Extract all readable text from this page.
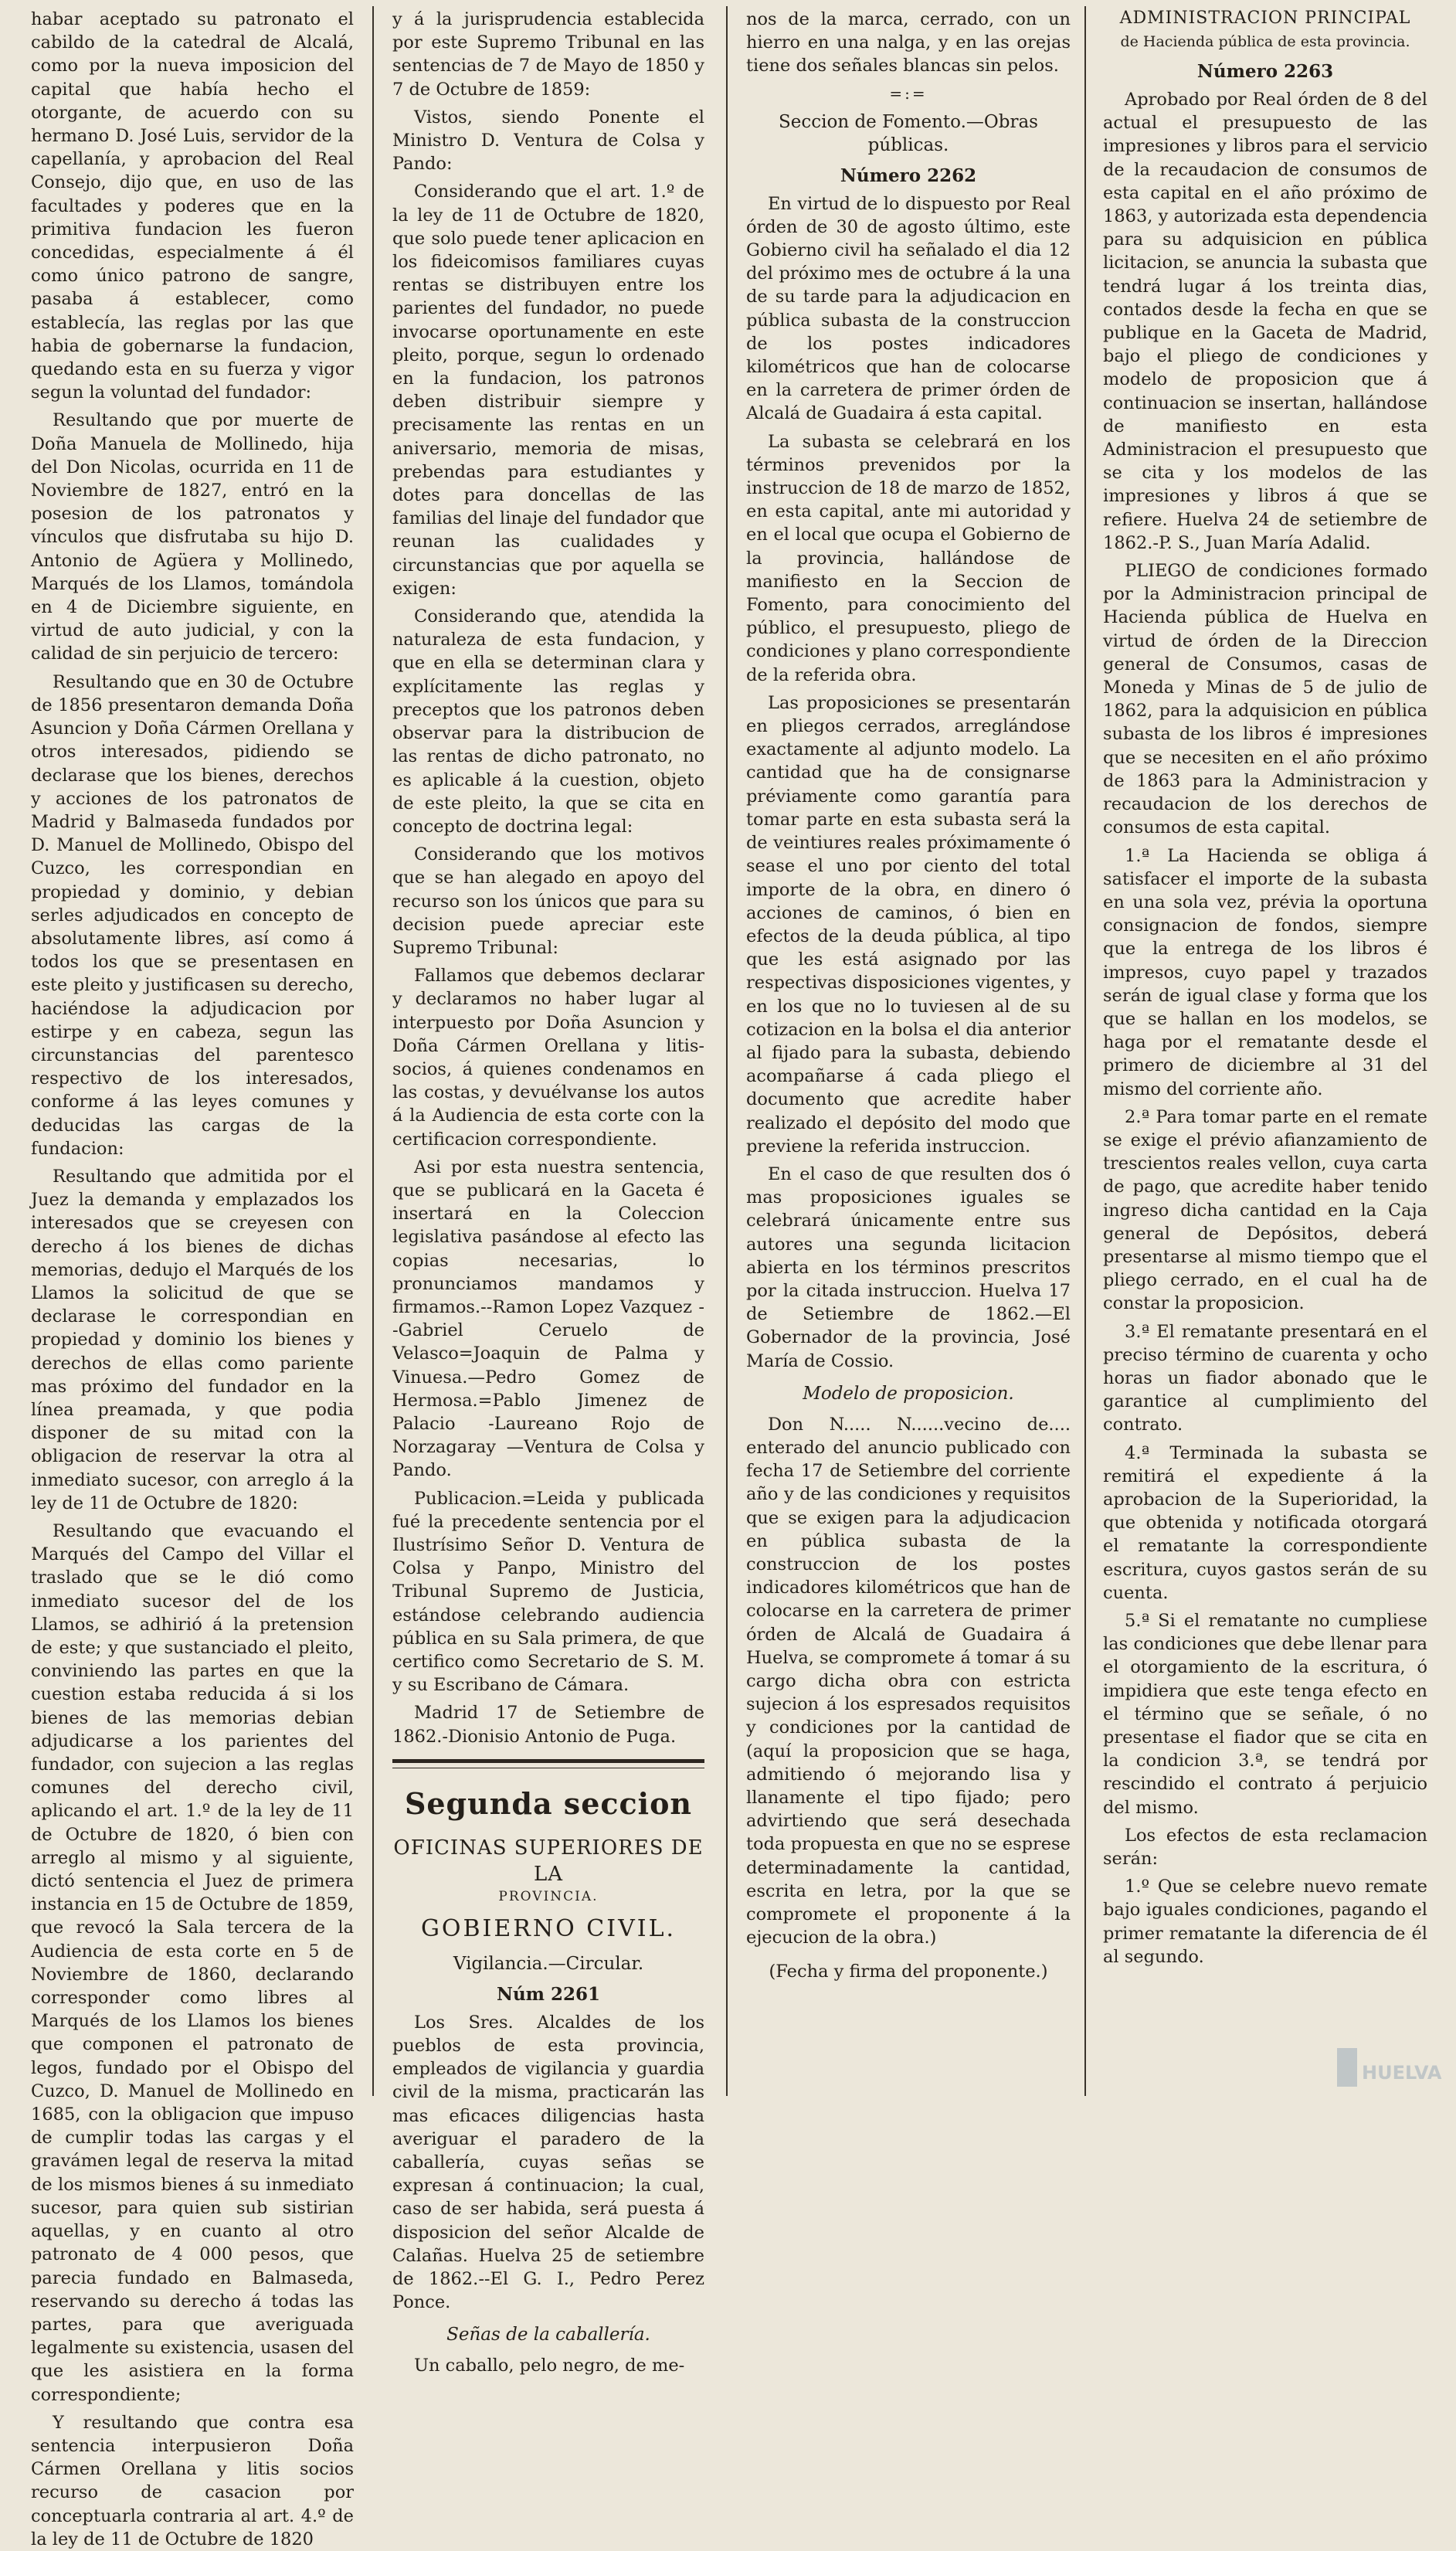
habar aceptado su patronato el cabildo de la catedral de Alcalá, como por la nueva imposicion del capital que había hecho el otorgante, de acuerdo con su hermano D. José Luis, servidor de la capellanía, y aprobacion del Real Consejo, dijo que, en uso de las facultades y poderes que en la primitiva fundacion les fueron concedidas, especialmente á él como único patrono de sangre, pasaba á establecer, como establecía, las reglas por las que habia de gobernarse la fundacion, quedando esta en su fuerza y vigor segun la voluntad del fundador:

Resultando que por muerte de Doña Manuela de Mollinedo, hija del Don Nicolas, ocurrida en 11 de Noviembre de 1827, entró en la posesion de los patronatos y vínculos que disfrutaba su hijo D. Antonio de Agüera y Mollinedo, Marqués de los Llamos, tomándola en 4 de Diciembre siguiente, en virtud de auto judicial, y con la calidad de sin perjuicio de tercero:

Resultando que en 30 de Octubre de 1856 presentaron demanda Doña Asuncion y Doña Cármen Orellana y otros interesados, pidiendo se declarase que los bienes, derechos y acciones de los patronatos de Madrid y Balmaseda fundados por D. Manuel de Mollinedo, Obispo del Cuzco, les correspondian en propiedad y dominio, y debian serles adjudicados en concepto de absolutamente libres, así como á todos los que se presentasen en este pleito y justificasen su derecho, haciéndose la adjudicacion por estirpe y en cabeza, segun las circunstancias del parentesco respectivo de los interesados, conforme á las leyes comunes y deducidas las cargas de la fundacion:

Resultando que admitida por el Juez la demanda y emplazados los interesados que se creyesen con derecho á los bienes de dichas memorias, dedujo el Marqués de los Llamos la solicitud de que se declarase le correspondian en propiedad y dominio los bienes y derechos de ellas como pariente mas próximo del fundador en la línea preamada, y que podia disponer de su mitad con la obligacion de reservar la otra al inmediato sucesor, con arreglo á la ley de 11 de Octubre de 1820:

Resultando que evacuando el Marqués del Campo del Villar el traslado que se le dió como inmediato sucesor del de los Llamos, se adhirió á la pretension de este; y que sustanciado el pleito, conviniendo las partes en que la cuestion estaba reducida á si los bienes de las memorias debian adjudicarse a los parientes del fundador, con sujecion a las reglas comunes del derecho civil, aplicando el art. 1.º de la ley de 11 de Octubre de 1820, ó bien con arreglo al mismo y al siguiente, dictó sentencia el Juez de primera instancia en 15 de Octubre de 1859, que revocó la Sala tercera de la Audiencia de esta corte en 5 de Noviembre de 1860, declarando corresponder como libres al Marqués de los Llamos los bienes que componen el patronato de legos, fundado por el Obispo del Cuzco, D. Manuel de Mollinedo en 1685, con la obligacion que impuso de cumplir todas las cargas y el gravámen legal de reserva la mitad de los mismos bienes á su inmediato sucesor, para quien sub sistirian aquellas, y en cuanto al otro patronato de 4 000 pesos, que parecia fundado en Balmaseda, reservando su derecho á todas las partes, para que averiguada legalmente su existencia, usasen del que les asistiera en la forma correspondiente;

Y resultando que contra esa sentencia interpusieron Doña Cármen Orellana y litis socios recurso de casacion por conceptuarla contraria al art. 4.º de la ley de 11 de Octubre de 1820

y á la jurisprudencia establecida por este Supremo Tribunal en las sentencias de 7 de Mayo de 1850 y 7 de Octubre de 1859:

Vistos, siendo Ponente el Ministro D. Ventura de Colsa y Pando:

Considerando que el art. 1.º de la ley de 11 de Octubre de 1820, que solo puede tener aplicacion en los fideicomisos familiares cuyas rentas se distribuyen entre los parientes del fundador, no puede invocarse oportunamente en este pleito, porque, segun lo ordenado en la fundacion, los patronos deben distribuir siempre y precisamente las rentas en un aniversario, memoria de misas, prebendas para estudiantes y dotes para doncellas de las familias del linaje del fundador que reunan las cualidades y circunstancias que por aquella se exigen:

Considerando que, atendida la naturaleza de esta fundacion, y que en ella se determinan clara y explícitamente las reglas y preceptos que los patronos deben observar para la distribucion de las rentas de dicho patronato, no es aplicable á la cuestion, objeto de este pleito, la que se cita en concepto de doctrina legal:

Considerando que los motivos que se han alegado en apoyo del recurso son los únicos que para su decision puede apreciar este Supremo Tribunal:

Fallamos que debemos declarar y declaramos no haber lugar al interpuesto por Doña Asuncion y Doña Cármen Orellana y litis-socios, á quienes condenamos en las costas, y devuélvanse los autos á la Audiencia de esta corte con la certificacion correspondiente.

Asi por esta nuestra sentencia, que se publicará en la Gaceta é insertará en la Coleccion legislativa pasándose al efecto las copias necesarias, lo pronunciamos mandamos y firmamos.--Ramon Lopez Vazquez --Gabriel Ceruelo de Velasco=Joaquin de Palma y Vinuesa.—Pedro Gomez de Hermosa.=Pablo Jimenez de Palacio -Laureano Rojo de Norzagaray —Ventura de Colsa y Pando.

Publicacion.=Leida y publicada fué la precedente sentencia por el Ilustrísimo Señor D. Ventura de Colsa y Panpo, Ministro del Tribunal Supremo de Justicia, estándose celebrando audiencia pública en su Sala primera, de que certifico como Secretario de S. M. y su Escribano de Cámara.

Madrid 17 de Setiembre de 1862.-Dionisio Antonio de Puga.

Segunda seccion
OFICINAS SUPERIORES DE LA
PROVINCIA.
GOBIERNO CIVIL.
Vigilancia.—Circular.
Núm 2261

Los Sres. Alcaldes de los pueblos de esta provincia, empleados de vigilancia y guardia civil de la misma, practicarán las mas eficaces diligencias hasta averiguar el paradero de la caballería, cuyas señas se expresan á continuacion; la cual, caso de ser habida, será puesta á disposicion del señor Alcalde de Calañas. Huelva 25 de setiembre de 1862.--El G. I., Pedro Perez Ponce.

Señas de la caballería.

Un caballo, pelo negro, de me-

nos de la marca, cerrado, con un hierro en una nalga, y en las orejas tiene dos señales blancas sin pelos.

=:=
Seccion de Fomento.—Obras públicas.
Número 2262

En virtud de lo dispuesto por Real órden de 30 de agosto último, este Gobierno civil ha señalado el dia 12 del próximo mes de octubre á la una de su tarde para la adjudicacion en pública subasta de la construccion de los postes indicadores kilométricos que han de colocarse en la carretera de primer órden de Alcalá de Guadaira á esta capital.

La subasta se celebrará en los términos prevenidos por la instruccion de 18 de marzo de 1852, en esta capital, ante mi autoridad y en el local que ocupa el Gobierno de la provincia, hallándose de manifiesto en la Seccion de Fomento, para conocimiento del público, el presupuesto, pliego de condiciones y plano correspondiente de la referida obra.

Las proposiciones se presentarán en pliegos cerrados, arreglándose exactamente al adjunto modelo. La cantidad que ha de consignarse préviamente como garantía para tomar parte en esta subasta será la de veintiures reales próximamente ó sease el uno por ciento del total importe de la obra, en dinero ó acciones de caminos, ó bien en efectos de la deuda pública, al tipo que les está asignado por las respectivas disposiciones vigentes, y en los que no lo tuviesen al de su cotizacion en la bolsa el dia anterior al fijado para la subasta, debiendo acompañarse á cada pliego el documento que acredite haber realizado el depósito del modo que previene la referida instruccion.

En el caso de que resulten dos ó mas proposiciones iguales se celebrará únicamente entre sus autores una segunda licitacion abierta en los términos prescritos por la citada instruccion. Huelva 17 de Setiembre de 1862.—El Gobernador de la provincia, José María de Cossio.

Modelo de proposicion.

Don N..... N......vecino de.... enterado del anuncio publicado con fecha 17 de Setiembre del corriente año y de las condiciones y requisitos que se exigen para la adjudicacion en pública subasta de la construccion de los postes indicadores kilométricos que han de colocarse en la carretera de primer órden de Alcalá de Guadaira á Huelva, se compromete á tomar á su cargo dicha obra con estricta sujecion á los espresados requisitos y condiciones por la cantidad de (aquí la proposicion que se haga, admitiendo ó mejorando lisa y llanamente el tipo fijado; pero advirtiendo que será desechada toda propuesta en que no se esprese determinadamente la cantidad, escrita en letra, por la que se compromete el proponente á la ejecucion de la obra.)

(Fecha y firma del proponente.)

ADMINISTRACION PRINCIPAL
de Hacienda pública de esta provincia.
Número 2263

Aprobado por Real órden de 8 del actual el presupuesto de las impresiones y libros para el servicio de la recaudacion de consumos de esta capital en el año próximo de 1863, y autorizada esta dependencia para su adquisicion en pública licitacion, se anuncia la subasta que tendrá lugar á los treinta dias, contados desde la fecha en que se publique en la Gaceta de Madrid, bajo el pliego de condiciones y modelo de proposicion que á continuacion se insertan, hallándose de manifiesto en esta Administracion el presupuesto que se cita y los modelos de las impresiones y libros á que se refiere. Huelva 24 de setiembre de 1862.-P. S., Juan María Adalid.

PLIEGO de condiciones formado por la Administracion principal de Hacienda pública de Huelva en virtud de órden de la Direccion general de Consumos, casas de Moneda y Minas de 5 de julio de 1862, para la adquisicion en pública subasta de los libros é impresiones que se necesiten en el año próximo de 1863 para la Administracion y recaudacion de los derechos de consumos de esta capital.

1.ª La Hacienda se obliga á satisfacer el importe de la subasta en una sola vez, prévia la oportuna consignacion de fondos, siempre que la entrega de los libros é impresos, cuyo papel y trazados serán de igual clase y forma que los que se hallan en los modelos, se haga por el rematante desde el primero de diciembre al 31 del mismo del corriente año.

2.ª Para tomar parte en el remate se exige el prévio afianzamiento de trescientos reales vellon, cuya carta de pago, que acredite haber tenido ingreso dicha cantidad en la Caja general de Depósitos, deberá presentarse al mismo tiempo que el pliego cerrado, en el cual ha de constar la proposicion.

3.ª El rematante presentará en el preciso término de cuarenta y ocho horas un fiador abonado que le garantice al cumplimiento del contrato.

4.ª Terminada la subasta se remitirá el expediente á la aprobacion de la Superioridad, la que obtenida y notificada otorgará el rematante la correspondiente escritura, cuyos gastos serán de su cuenta.

5.ª Si el rematante no cumpliese las condiciones que debe llenar para el otorgamiento de la escritura, ó impidiera que este tenga efecto en el término que se señale, ó no presentase el fiador que se cita en la condicion 3.ª, se tendrá por rescindido el contrato á perjuicio del mismo.

Los efectos de esta reclamacion serán:

1.º Que se celebre nuevo remate bajo iguales condiciones, pagando el primer rematante la diferencia de él al segundo.

HUELVA
